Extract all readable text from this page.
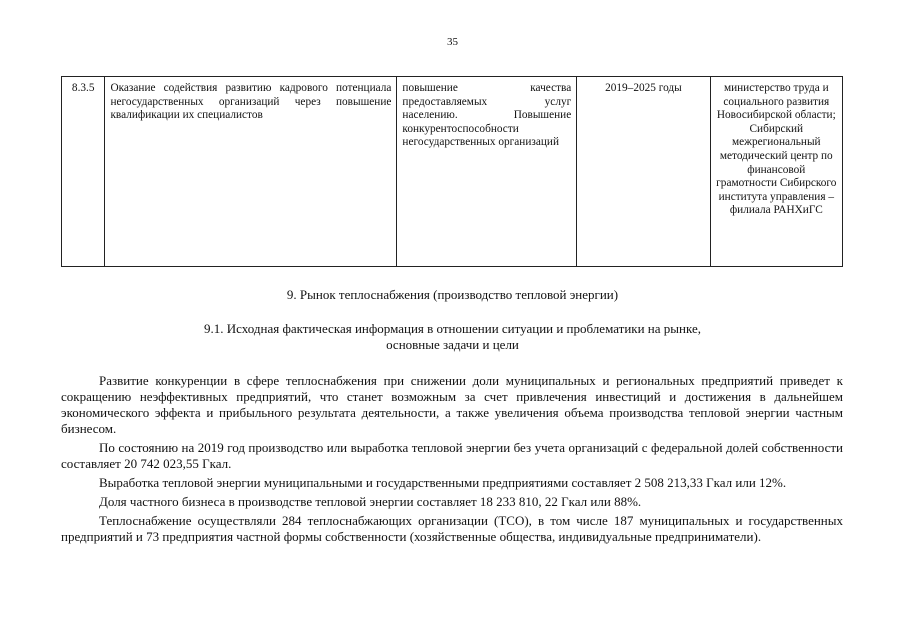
35
8.3.5	Оказание содействия развитию кадрового потенциала негосударственных организаций через повышение квалификации их специалистов	повышение качества предоставляемых услуг населению. Повышение конкурентоспособности негосударственных организаций	2019–2025 годы	министерство труда и социального развития Новосибирской области; Сибирский межрегиональный методический центр по финансовой грамотности Сибирского института управления – филиала РАНХиГС
9. Рынок теплоснабжения (производство тепловой энергии)
9.1. Исходная фактическая информация в отношении ситуации и проблематики на рынке,
основные задачи и цели

Развитие конкуренции в сфере теплоснабжения при снижении доли муниципальных и региональных предприятий приведет к сокращению неэффективных предприятий, что станет возможным за счет привлечения инвестиций и достижения в дальнейшем экономического эффекта и прибыльного результата деятельности, а также увеличения объема производства тепловой энергии частным бизнесом.

По состоянию на 2019 год производство или выработка тепловой энергии без учета организаций с федеральной долей собственности составляет 20 742 023,55 Гкал.

Выработка тепловой энергии муниципальными и государственными предприятиями составляет 2 508 213,33 Гкал или 12%.

Доля частного бизнеса в производстве тепловой энергии составляет 18 233 810, 22 Гкал или 88%.

Теплоснабжение осуществляли 284 теплоснабжающих организации (ТСО), в том числе 187 муниципальных и государственных предприятий и 73 предприятия частной формы собственности (хозяйственные общества, индивидуальные предприниматели).
